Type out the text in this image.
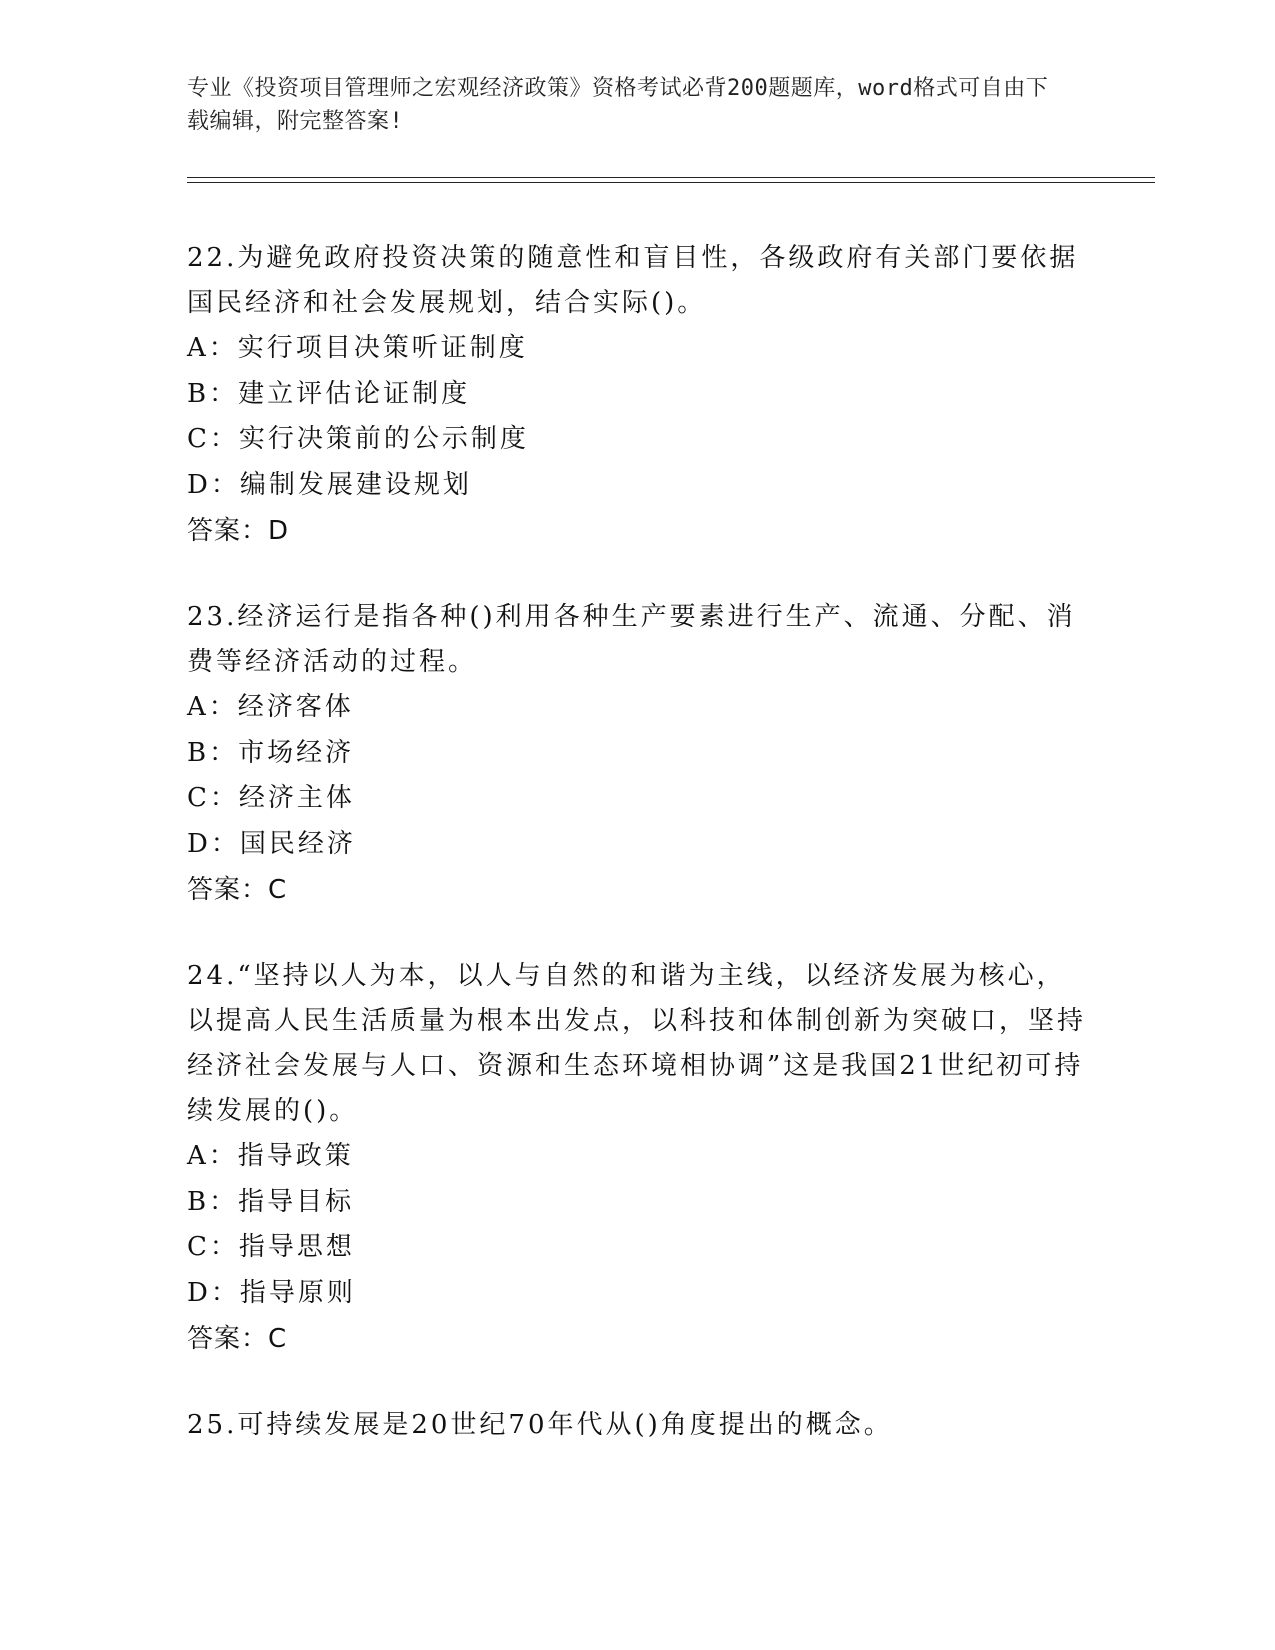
专业《投资项目管理师之宏观经济政策》资格考试必背200题题库，word格式可自由下载编辑，附完整答案!

22.为避免政府投资决策的随意性和盲目性，各级政府有关部门要依据国民经济和社会发展规划，结合实际()。

A：实行项目决策听证制度

B：建立评估论证制度

C：实行决策前的公示制度

D：编制发展建设规划

答案：D

23.经济运行是指各种()利用各种生产要素进行生产、流通、分配、消费等经济活动的过程。

A：经济客体

B：市场经济

C：经济主体

D：国民经济

答案：C

24.“坚持以人为本，以人与自然的和谐为主线，以经济发展为核心，以提高人民生活质量为根本出发点，以科技和体制创新为突破口，坚持经济社会发展与人口、资源和生态环境相协调”这是我国21世纪初可持续发展的()。

A：指导政策

B：指导目标

C：指导思想

D：指导原则

答案：C

25.可持续发展是20世纪70年代从()角度提出的概念。
